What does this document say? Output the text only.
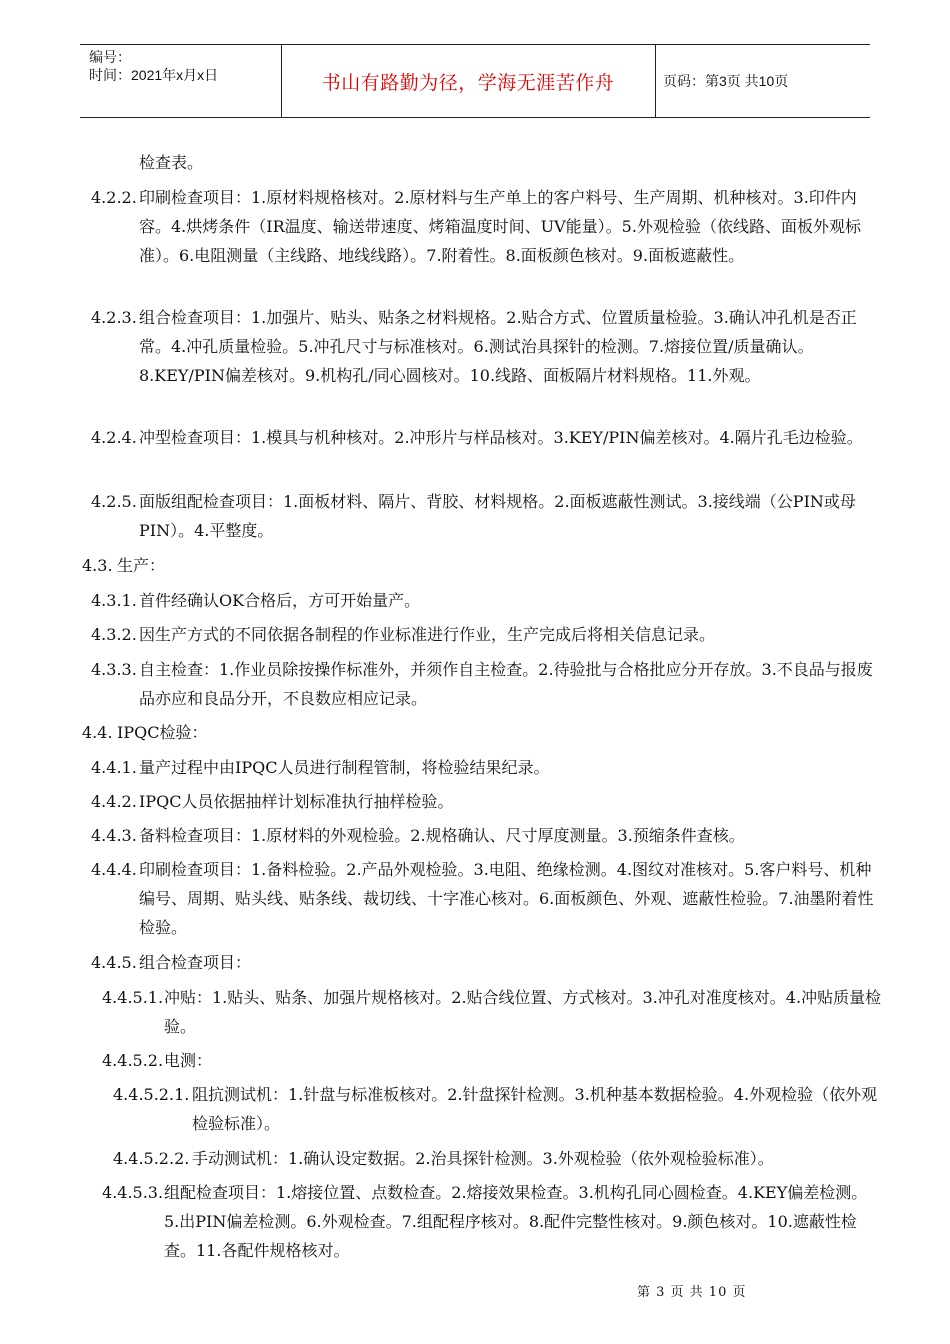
编号：
时间：2021年x月x日	书山有路勤为径，学海无涯苦作舟	页码：第3页 共10页
检查表。
4.2.2. 印刷检查项目：1.原材料规格核对。2.原材料与生产单上的客户料号、生产周期、机种核对。3.印件内容。4.烘烤条件（IR温度、输送带速度、烤箱温度时间、UV能量）。5.外观检验（依线路、面板外观标准）。6.电阻测量（主线路、地线线路）。7.附着性。8.面板颜色核对。9.面板遮蔽性。
4.2.3. 组合检查项目：1.加强片、贴头、贴条之材料规格。2.贴合方式、位置质量检验。3.确认冲孔机是否正常。4.冲孔质量检验。5.冲孔尺寸与标准核对。6.测试治具探针的检测。7.熔接位置/质量确认。8.KEY/PIN偏差核对。9.机构孔/同心圆核对。10.线路、面板隔片材料规格。11.外观。
4.2.4. 冲型检查项目：1.模具与机种核对。2.冲形片与样品核对。3.KEY/PIN偏差核对。4.隔片孔毛边检验。
4.2.5. 面版组配检查项目：1.面板材料、隔片、背胶、材料规格。2.面板遮蔽性测试。3.接线端（公PIN或母PIN）。4.平整度。
4.3. 生产：
4.3.1. 首件经确认OK合格后，方可开始量产。
4.3.2. 因生产方式的不同依据各制程的作业标准进行作业，生产完成后将相关信息记录。
4.3.3. 自主检查：1.作业员除按操作标准外，并须作自主检查。2.待验批与合格批应分开存放。3.不良品与报废品亦应和良品分开，不良数应相应记录。
4.4. IPQC检验：
4.4.1. 量产过程中由IPQC人员进行制程管制，将检验结果纪录。
4.4.2. IPQC人员依据抽样计划标准执行抽样检验。
4.4.3. 备料检查项目：1.原材料的外观检验。2.规格确认、尺寸厚度测量。3.预缩条件查核。
4.4.4. 印刷检查项目：1.备料检验。2.产品外观检验。3.电阻、绝缘检测。4.图纹对准核对。5.客户料号、机种编号、周期、贴头线、贴条线、裁切线、十字准心核对。6.面板颜色、外观、遮蔽性检验。7.油墨附着性检验。
4.4.5. 组合检查项目：
4.4.5.1. 冲贴：1.贴头、贴条、加强片规格核对。2.贴合线位置、方式核对。3.冲孔对准度核对。4.冲贴质量检验。
4.4.5.2. 电测：
4.4.5.2.1. 阻抗测试机：1.针盘与标准板核对。2.针盘探针检测。3.机种基本数据检验。4.外观检验（依外观检验标准）。
4.4.5.2.2. 手动测试机：1.确认设定数据。2.治具探针检测。3.外观检验（依外观检验标准）。
4.4.5.3. 组配检查项目：1.熔接位置、点数检查。2.熔接效果检查。3.机构孔同心圆检查。4.KEY偏差检测。5.出PIN偏差检测。6.外观检查。7.组配程序核对。8.配件完整性核对。9.颜色核对。10.遮蔽性检查。11.各配件规格核对。
第 3 页 共 10 页
